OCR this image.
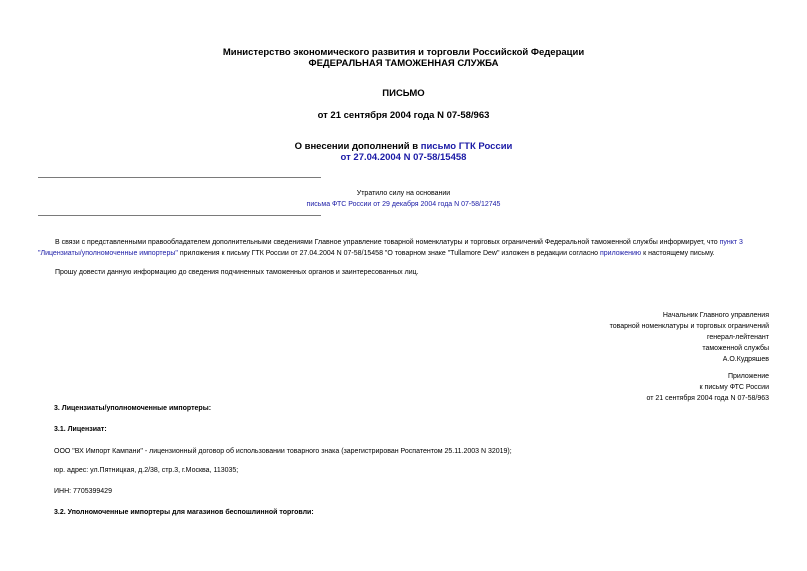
Министерство экономического развития и торговли Российской Федерации
ФЕДЕРАЛЬНАЯ ТАМОЖЕННАЯ СЛУЖБА
ПИСЬМО
от 21 сентября 2004 года N 07-58/963
О внесении дополнений в письмо ГТК России
от 27.04.2004 N 07-58/15458
Утратило силу на основании
письма ФТС России от 29 декабря 2004 года N 07-58/12745
В связи с представленными правообладателем дополнительными сведениями Главное управление товарной номенклатуры и торговых ограничений Федеральной таможенной службы информирует, что пункт 3 "Лицензиаты/уполномоченные импортеры" приложения к письму ГТК России от 27.04.2004 N 07-58/15458 "О товарном знаке "Tullamore Dew" изложен в редакции согласно приложению к настоящему письму.
Прошу довести данную информацию до сведения подчиненных таможенных органов и заинтересованных лиц.
Начальник Главного управления
товарной номенклатуры и торговых ограничений
генерал-лейтенант
таможенной службы
А.О.Кудряшев
Приложение
к письму ФТС России
от 21 сентября 2004 года N 07-58/963
3. Лицензиаты/уполномоченные импортеры:
3.1. Лицензиат:
ООО "ВХ Импорт Кампани" - лицензионный договор об использовании товарного знака (зарегистрирован Роспатентом 25.11.2003 N 32019);
юр. адрес: ул.Пятницкая, д.2/38, стр.3, г.Москва, 113035;
ИНН: 7705399429
3.2. Уполномоченные импортеры для магазинов беспошлинной торговли:
